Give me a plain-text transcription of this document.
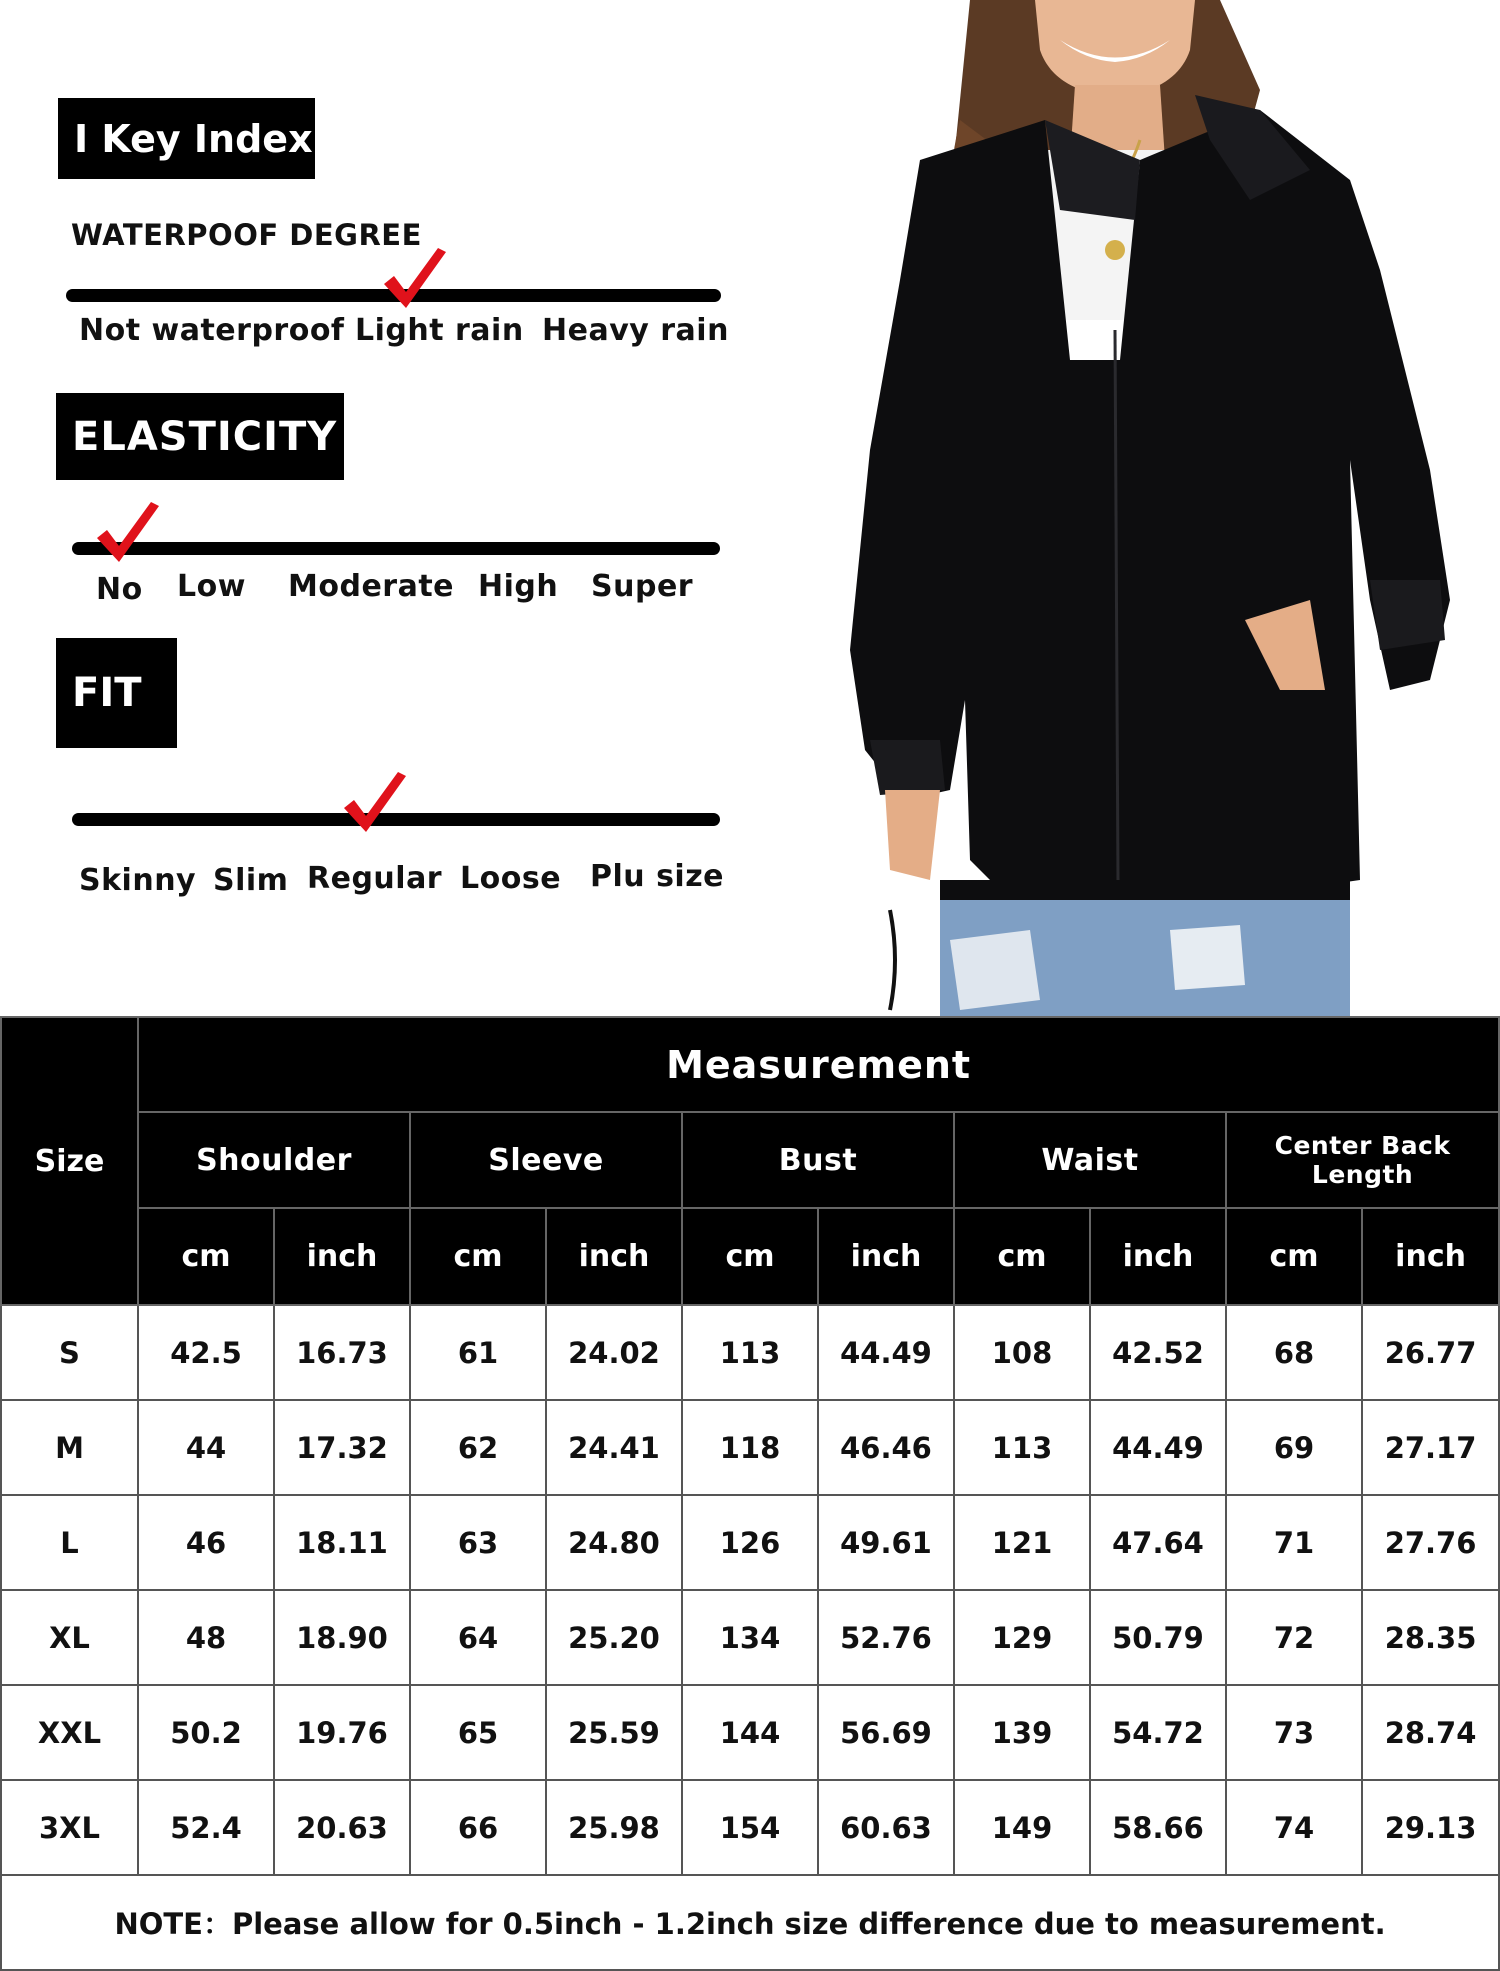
I Key Index
WATERPOOF DEGREE
Not waterproof Light rain Heavy rain
ELASTICITY
No Low Moderate High Super
FIT
Skinny Slim Regular Loose Plu size
Size	Measurement									
	Shoulder		Sleeve		Bust		Waist		Center Back Length	
	cm	inch	cm	inch	cm	inch	cm	inch	cm	inch
S	42.5	16.73	61	24.02	113	44.49	108	42.52	68	26.77
M	44	17.32	62	24.41	118	46.46	113	44.49	69	27.17
L	46	18.11	63	24.80	126	49.61	121	47.64	71	27.76
XL	48	18.90	64	25.20	134	52.76	129	50.79	72	28.35
XXL	50.2	19.76	65	25.59	144	56.69	139	54.72	73	28.74
3XL	52.4	20.63	66	25.98	154	60.63	149	58.66	74	29.13
NOTE：Please allow for 0.5inch - 1.2inch size difference due to measurement.										
